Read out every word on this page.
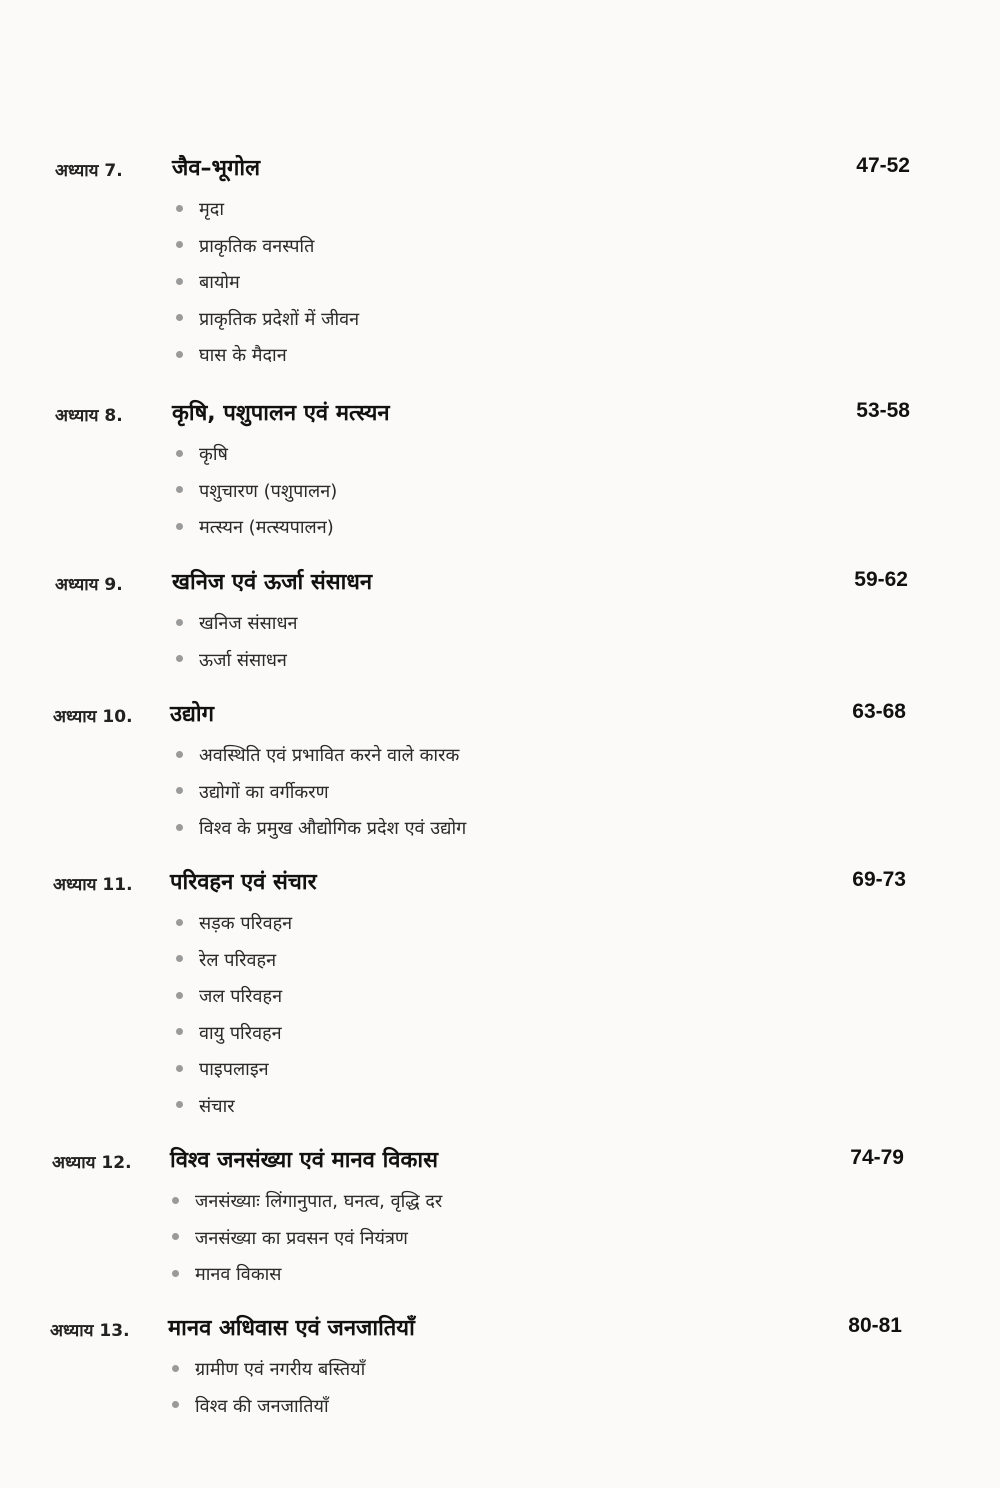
अध्याय 7. जैव–भूगोल	47-52
मृदा
प्राकृतिक वनस्पति
बायोम
प्राकृतिक प्रदेशों में जीवन
घास के मैदान
अध्याय 8. कृषि, पशुपालन एवं मत्स्यन	53-58
कृषि
पशुचारण (पशुपालन)
मत्स्यन (मत्स्यपालन)
अध्याय 9. खनिज एवं ऊर्जा संसाधन	59-62
खनिज संसाधन
ऊर्जा संसाधन
अध्याय 10. उद्योग	63-68
अवस्थिति एवं प्रभावित करने वाले कारक
उद्योगों का वर्गीकरण
विश्व के प्रमुख औद्योगिक प्रदेश एवं उद्योग
अध्याय 11. परिवहन एवं संचार	69-73
सड़क परिवहन
रेल परिवहन
जल परिवहन
वायु परिवहन
पाइपलाइन
संचार
अध्याय 12. विश्व जनसंख्या एवं मानव विकास	74-79
जनसंख्याः लिंगानुपात, घनत्व, वृद्धि दर
जनसंख्या का प्रवसन एवं नियंत्रण
मानव विकास
अध्याय 13. मानव अधिवास एवं जनजातियाँ	80-81
ग्रामीण एवं नगरीय बस्तियाँ
विश्व की जनजातियाँ
